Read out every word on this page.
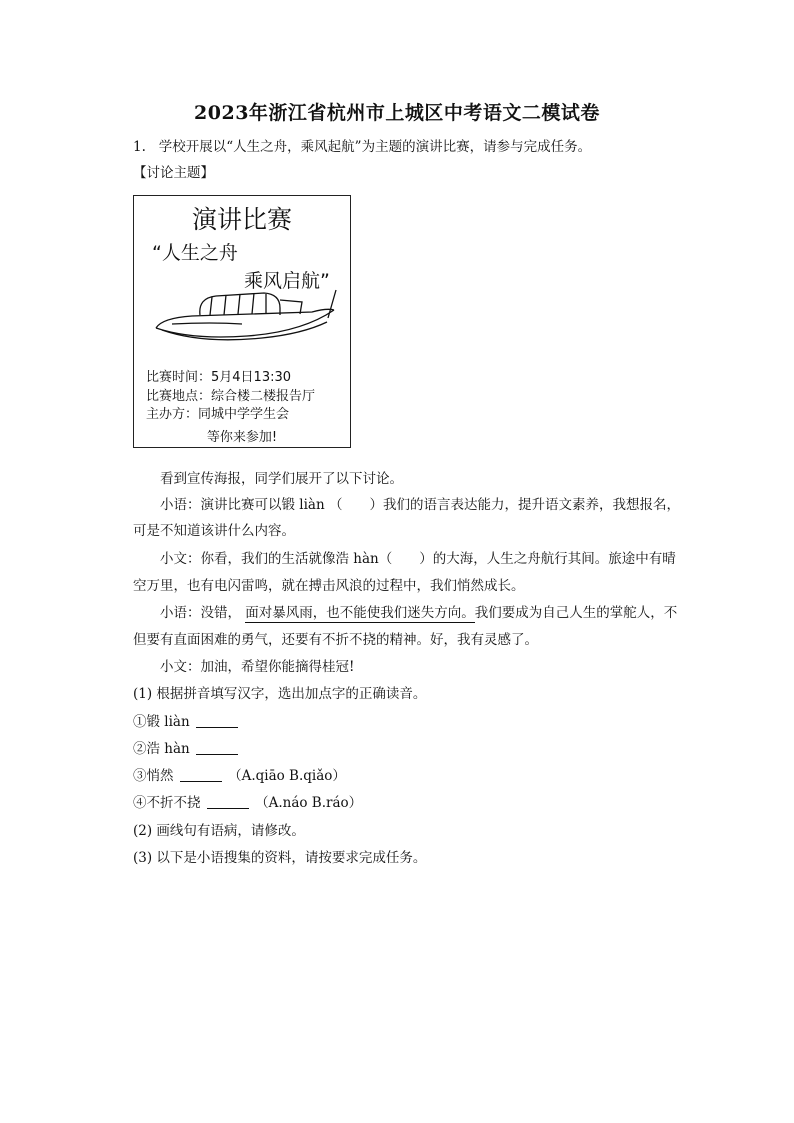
2023年浙江省杭州市上城区中考语文二模试卷
1. 学校开展以“人生之舟，乘风起航”为主题的演讲比赛，请参与完成任务。
【讨论主题】
演讲比赛
“人生之舟
乘风启航”
比赛时间：5月4日13:30
比赛地点：综合楼二楼报告厅
主办方：同城中学学生会
等你来参加!
看到宣传海报，同学们展开了以下讨论。
小语：演讲比赛可以锻 liàn （　　）我们的语言表达能力，提升语文素养，我想报名，
可是不知道该讲什么内容。
小文：你看，我们的生活就像浩 hàn（　　）的大海，人生之舟航行其间。旅途中有晴
空万里，也有电闪雷鸣，就在搏击风浪的过程中，我们悄然成长。
小语：没错， 面对暴风雨，也不能使我们迷失方向。我们要成为自己人生的掌舵人，不
但要有直面困难的勇气，还要有不折不挠的精神。好，我有灵感了。
小文：加油，希望你能摘得桂冠!
(1) 根据拼音填写汉字，选出加点字的正确读音。
①锻 liàn
②浩 hàn
③悄然	（A.qiāo B.qiǎo）
④不折不挠	（A.náo B.ráo）
(2) 画线句有语病，请修改。
(3) 以下是小语搜集的资料，请按要求完成任务。
